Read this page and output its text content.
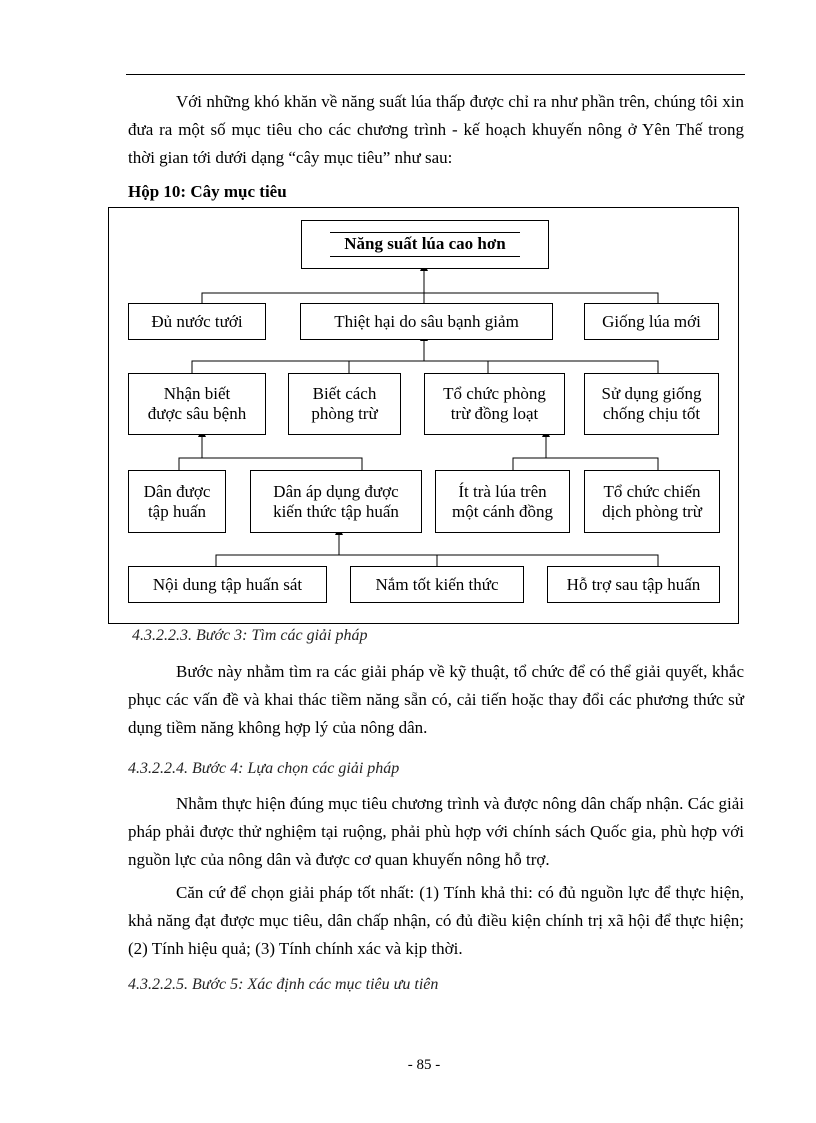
Với những khó khăn về năng suất lúa thấp được chỉ ra như phần trên, chúng tôi xin đưa ra một số mục tiêu cho các chương trình - kế hoạch khuyến nông ở Yên Thế trong thời gian tới dưới dạng “cây mục tiêu” như sau:

Hộp 10: Cây mục tiêu

Năng suất lúa cao hơn
Đủ nước tưới	Thiệt hại do sâu bạnh giảm	Giống lúa mới
Nhận biết
được sâu bệnh
Biết cách
phòng trừ
Tổ chức phòng
trừ đồng loạt
Sử dụng giống
chống chịu tốt
Dân được
tập huấn
Dân áp dụng được
kiến thức tập huấn
Ít trà lúa trên
một cánh đồng
Tổ chức chiến
dịch phòng trừ
Nội dung tập huấn sát	Nắm tốt kiến thức	Hỗ trợ sau tập huấn

4.3.2.2.3. Bước 3: Tìm các giải pháp

Bước này nhằm tìm ra các giải pháp về kỹ thuật, tổ chức để có thể giải quyết, khắc phục các vấn đề và khai thác tiềm năng sẵn có, cải tiến hoặc thay đổi các phương thức sử dụng tiềm năng không hợp lý của nông dân.

4.3.2.2.4. Bước 4: Lựa chọn các giải pháp

Nhằm thực hiện đúng mục tiêu chương trình và được nông dân chấp nhận. Các giải pháp phải được thử nghiệm tại ruộng, phải phù hợp với chính sách Quốc gia, phù hợp với nguồn lực của nông dân và được cơ quan khuyến nông hỗ trợ.

Căn cứ để chọn giải pháp tốt nhất: (1) Tính khả thi: có đủ nguồn lực để thực hiện, khả năng đạt được mục tiêu, dân chấp nhận, có đủ điều kiện chính trị xã hội để thực hiện; (2) Tính hiệu quả; (3) Tính chính xác và kịp thời.

4.3.2.2.5. Bước 5: Xác định các mục tiêu ưu tiên

- 85 -
